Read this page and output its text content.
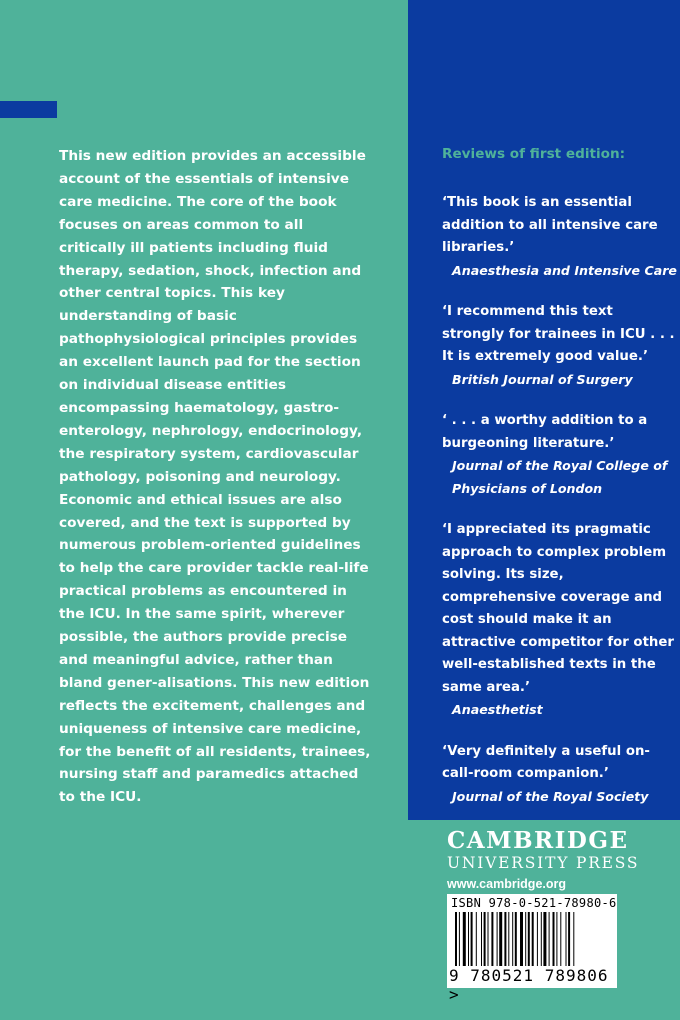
This new edition provides an accessible account of the essentials of intensive care medicine. The core of the book focuses on areas common to all critically ill patients including fluid therapy, sedation, shock, infection and other central topics. This key understanding of basic pathophysiological principles provides an excellent launch pad for the section on individual disease entities encompassing haematology, gastro-enterology, nephrology, endocrinology, the respiratory system, cardiovascular pathology, poisoning and neurology. Economic and ethical issues are also covered, and the text is supported by numerous problem-oriented guidelines to help the care provider tackle real-life practical problems as encountered in the ICU. In the same spirit, wherever possible, the authors provide precise and meaningful advice, rather than bland gener-alisations. This new edition reflects the excitement, challenges and uniqueness of intensive care medicine, for the benefit of all residents, trainees, nursing staff and paramedics attached to the ICU.

Reviews of first edition:

‘This book is an essential addition to all intensive care libraries.’

Anaesthesia and Intensive Care

‘I recommend this text strongly for trainees in ICU . . . It is extremely good value.’

British Journal of Surgery

‘ . . . a worthy addition to a burgeoning literature.’

Journal of the Royal College of Physicians of London

‘I appreciated its pragmatic approach to complex problem solving. Its size, comprehensive coverage and cost should make it an attractive competitor for other well-established texts in the same area.’

Anaesthetist

‘Very definitely a useful on-call-room companion.’

Journal of the Royal Society

CAMBRIDGE

UNIVERSITY PRESS

www.cambridge.org

ISBN 978-0-521-78980-6
9 780521 789806 >
